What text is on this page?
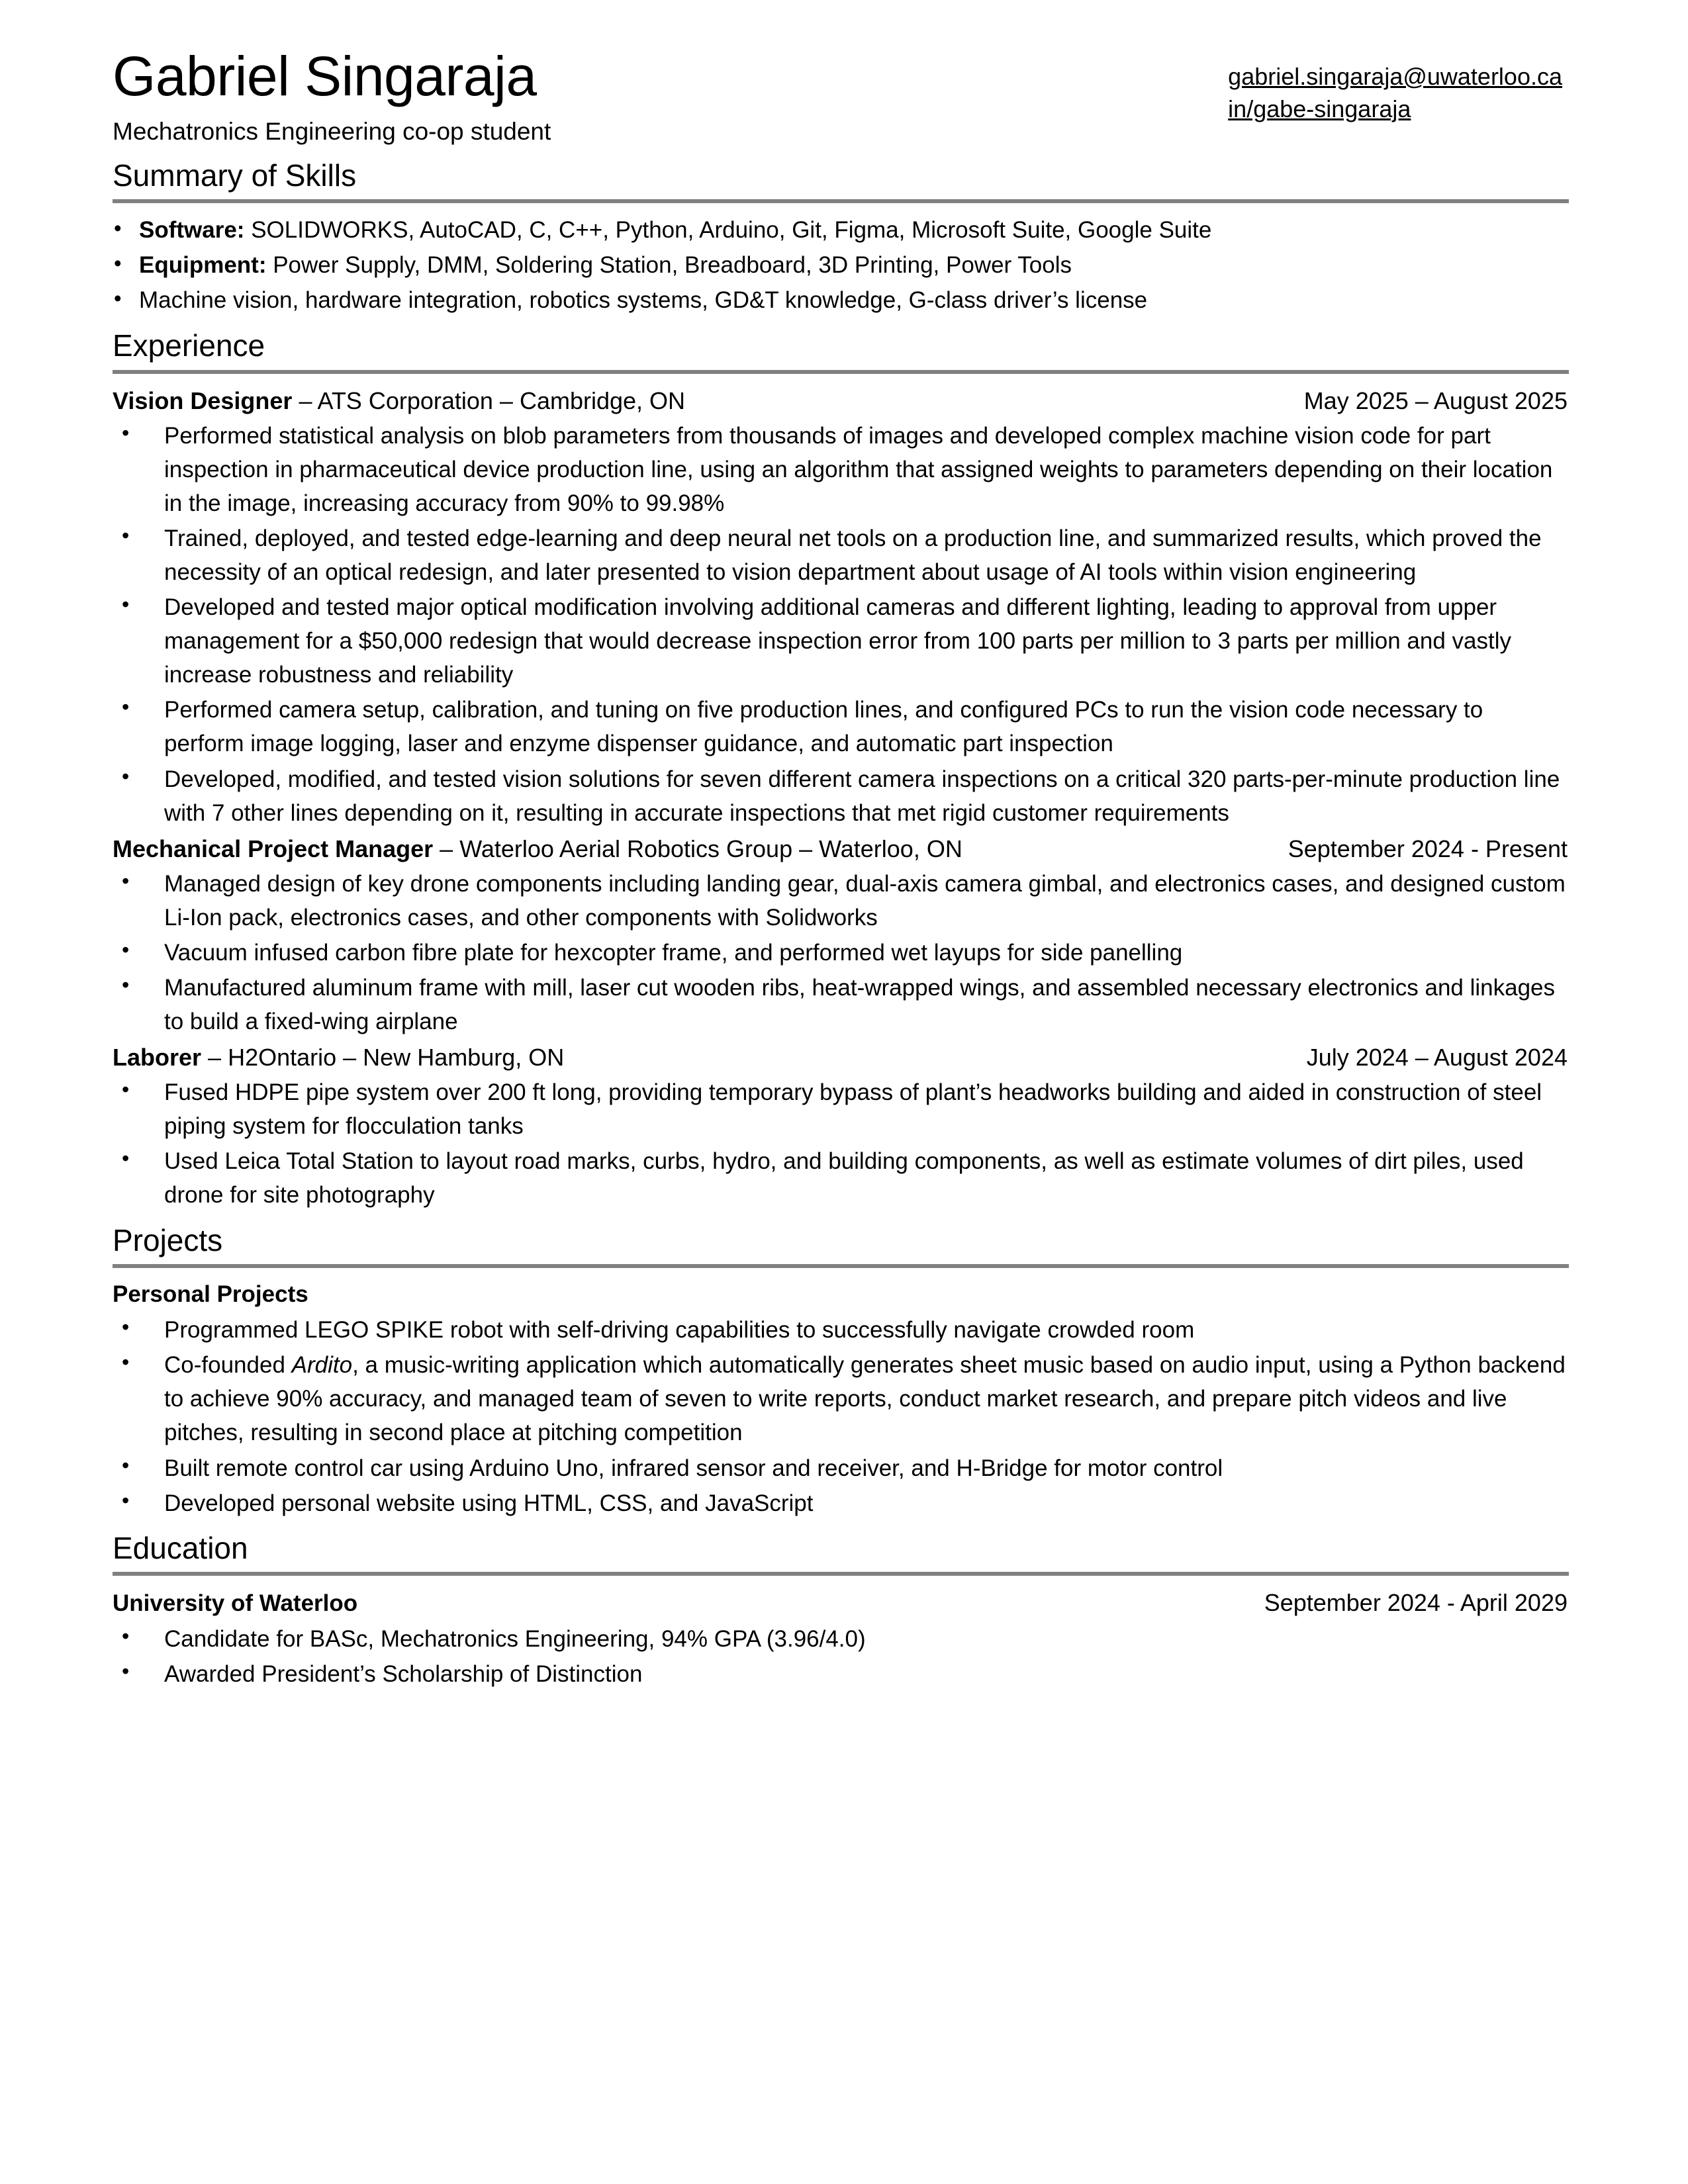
Gabriel Singaraja
Mechatronics Engineering co-op student
gabriel.singaraja@uwaterloo.ca
in/gabe-singaraja
Summary of Skills
• Software: SOLIDWORKS, AutoCAD, C, C++, Python, Arduino, Git, Figma, Microsoft Suite, Google Suite
• Equipment: Power Supply, DMM, Soldering Station, Breadboard, 3D Printing, Power Tools
• Machine vision, hardware integration, robotics systems, GD&T knowledge, G-class driver’s license
Experience
Vision Designer – ATS Corporation – Cambridge, ON	May 2025 – August 2025
• Performed statistical analysis on blob parameters from thousands of images and developed complex machine vision code for part inspection in pharmaceutical device production line, using an algorithm that assigned weights to parameters depending on their location in the image, increasing accuracy from 90% to 99.98%
• Trained, deployed, and tested edge-learning and deep neural net tools on a production line, and summarized results, which proved the necessity of an optical redesign, and later presented to vision department about usage of AI tools within vision engineering
• Developed and tested major optical modification involving additional cameras and different lighting, leading to approval from upper management for a $50,000 redesign that would decrease inspection error from 100 parts per million to 3 parts per million and vastly increase robustness and reliability
• Performed camera setup, calibration, and tuning on five production lines, and configured PCs to run the vision code necessary to perform image logging, laser and enzyme dispenser guidance, and automatic part inspection
• Developed, modified, and tested vision solutions for seven different camera inspections on a critical 320 parts-per-minute production line with 7 other lines depending on it, resulting in accurate inspections that met rigid customer requirements
Mechanical Project Manager – Waterloo Aerial Robotics Group – Waterloo, ON	September 2024 - Present
• Managed design of key drone components including landing gear, dual-axis camera gimbal, and electronics cases, and designed custom Li-Ion pack, electronics cases, and other components with Solidworks
• Vacuum infused carbon fibre plate for hexcopter frame, and performed wet layups for side panelling
• Manufactured aluminum frame with mill, laser cut wooden ribs, heat-wrapped wings, and assembled necessary electronics and linkages to build a fixed-wing airplane
Laborer – H2Ontario – New Hamburg, ON	July 2024 – August 2024
• Fused HDPE pipe system over 200 ft long, providing temporary bypass of plant’s headworks building and aided in construction of steel piping system for flocculation tanks
• Used Leica Total Station to layout road marks, curbs, hydro, and building components, as well as estimate volumes of dirt piles, used drone for site photography
Projects
Personal Projects
• Programmed LEGO SPIKE robot with self-driving capabilities to successfully navigate crowded room
• Co-founded Ardito, a music-writing application which automatically generates sheet music based on audio input, using a Python backend to achieve 90% accuracy, and managed team of seven to write reports, conduct market research, and prepare pitch videos and live pitches, resulting in second place at pitching competition
• Built remote control car using Arduino Uno, infrared sensor and receiver, and H-Bridge for motor control
• Developed personal website using HTML, CSS, and JavaScript
Education
University of Waterloo	September 2024 - April 2029
• Candidate for BASc, Mechatronics Engineering, 94% GPA (3.96/4.0)
• Awarded President’s Scholarship of Distinction
